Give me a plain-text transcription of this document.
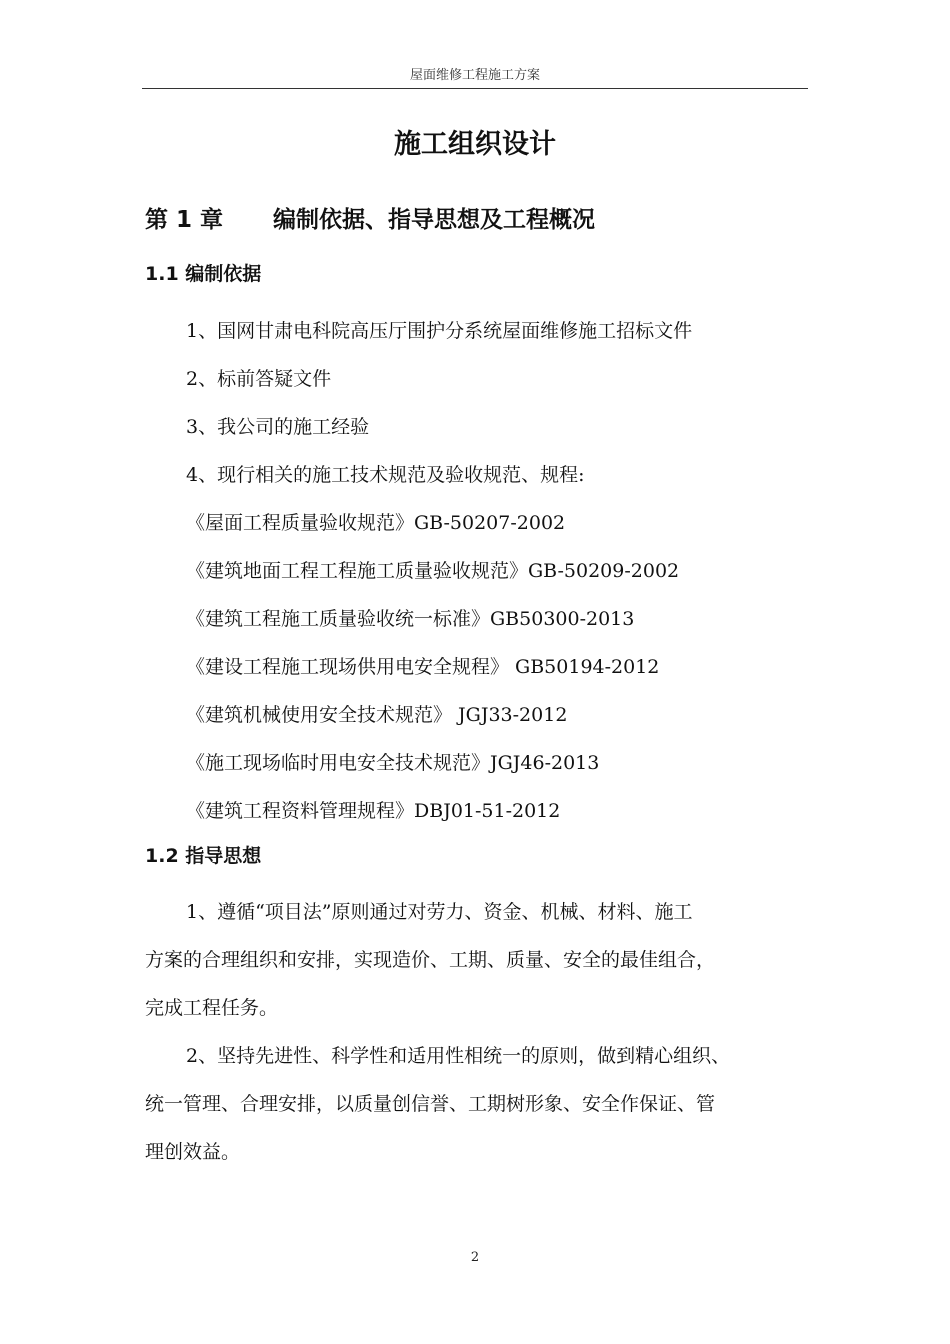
屋面维修工程施工方案
施工组织设计
第 1 章 编制依据、指导思想及工程概况
1.1 编制依据

1、国网甘肃电科院高压厅围护分系统屋面维修施工招标文件

2、标前答疑文件

3、我公司的施工经验

4、现行相关的施工技术规范及验收规范、规程:

《屋面工程质量验收规范》GB-50207-2002

《建筑地面工程工程施工质量验收规范》GB-50209-2002

《建筑工程施工质量验收统一标准》GB50300-2013

《建设工程施工现场供用电安全规程》 GB50194-2012

《建筑机械使用安全技术规范》 JGJ33-2012

《施工现场临时用电安全技术规范》JGJ46-2013

《建筑工程资料管理规程》DBJ01-51-2012

1.2 指导思想

1、遵循“项目法”原则通过对劳力、资金、机械、材料、施工

方案的合理组织和安排，实现造价、工期、质量、安全的最佳组合，

完成工程任务。

2、坚持先进性、科学性和适用性相统一的原则，做到精心组织、

统一管理、合理安排，以质量创信誉、工期树形象、安全作保证、管

理创效益。

2
